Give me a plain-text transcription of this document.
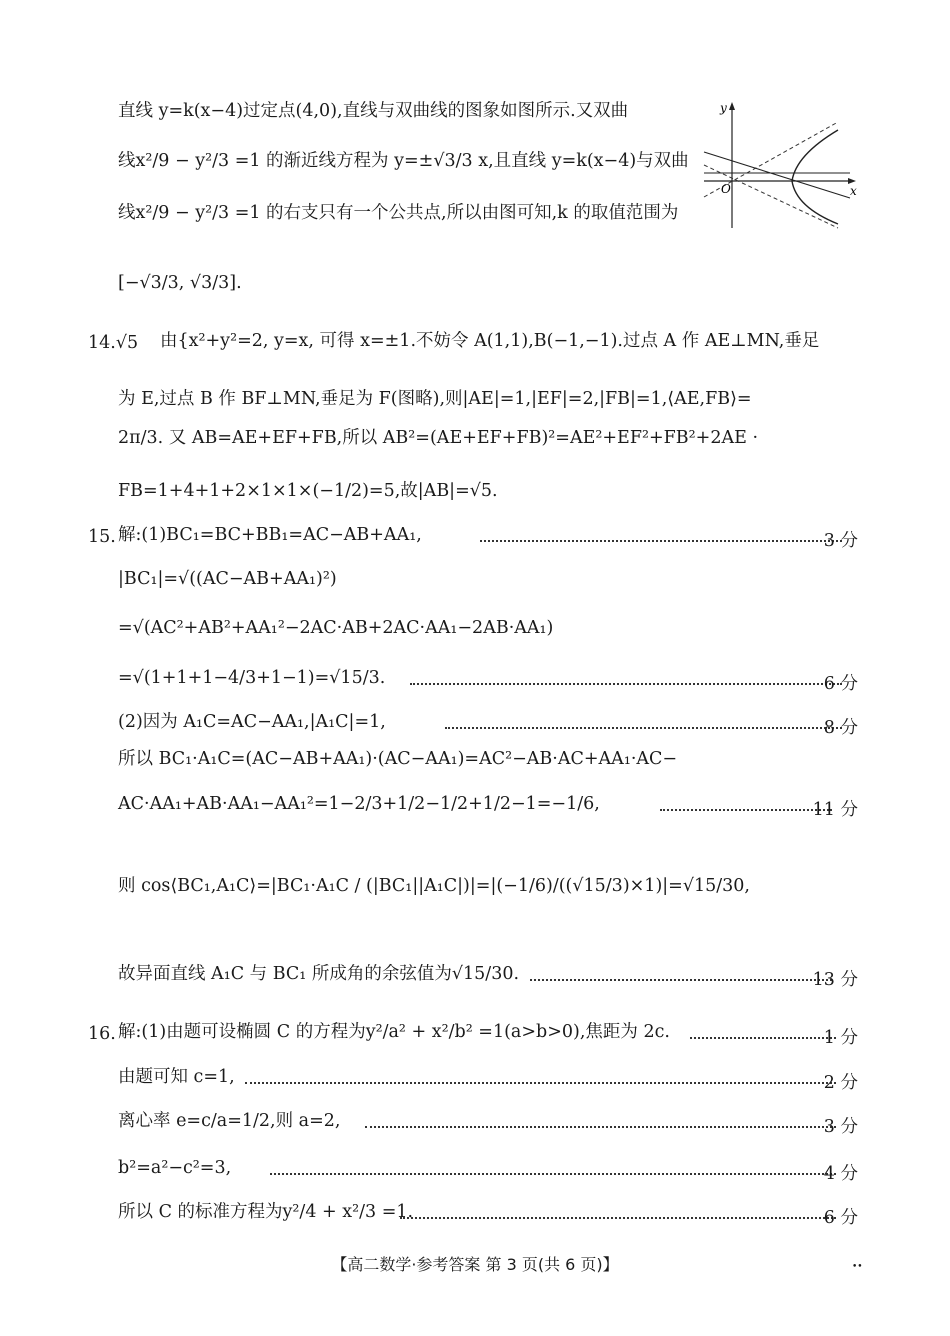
直线 y=k(x−4)过定点(4,0),直线与双曲线的图象如图所示.又双曲
线x²/9 − y²/3 =1 的渐近线方程为 y=±√3/3 x,且直线 y=k(x−4)与双曲
线x²/9 − y²/3 =1 的右支只有一个公共点,所以由图可知,k 的取值范围为
[−√3/3, √3/3].
y
x
O
14.√5 由{x²+y²=2, y=x, 可得 x=±1.不妨令 A(1,1),B(−1,−1).过点 A 作 AE⊥MN,垂足
为 E,过点 B 作 BF⊥MN,垂足为 F(图略),则|AE|=1,|EF|=2,|FB|=1,⟨AE,FB⟩=
2π/3. 又 AB=AE+EF+FB,所以 AB²=(AE+EF+FB)²=AE²+EF²+FB²+2AE ·
FB=1+4+1+2×1×1×(−1/2)=5,故|AB|=√5.
15. 解:(1)BC₁=BC+BB₁=AC−AB+AA₁,	3 分
|BC₁|=√((AC−AB+AA₁)²)
=√(AC²+AB²+AA₁²−2AC·AB+2AC·AA₁−2AB·AA₁)
=√(1+1+1−4/3+1−1)=√15/3.	6 分
(2)因为 A₁C=AC−AA₁,|A₁C|=1,	8 分
所以 BC₁·A₁C=(AC−AB+AA₁)·(AC−AA₁)=AC²−AB·AC+AA₁·AC−
AC·AA₁+AB·AA₁−AA₁²=1−2/3+1/2−1/2+1/2−1=−1/6,	11 分
则 cos⟨BC₁,A₁C⟩=|BC₁·A₁C / (|BC₁||A₁C|)|=|(−1/6)/((√15/3)×1)|=√15/30,
故异面直线 A₁C 与 BC₁ 所成角的余弦值为√15/30.	13 分
16. 解:(1)由题可设椭圆 C 的方程为y²/a² + x²/b² =1(a>b>0),焦距为 2c.	1 分
由题可知 c=1,	2 分
离心率 e=c/a=1/2,则 a=2,	3 分
b²=a²−c²=3,	4 分
所以 C 的标准方程为y²/4 + x²/3 =1.	6 分
【高二数学·参考答案 第 3 页(共 6 页)】	••
